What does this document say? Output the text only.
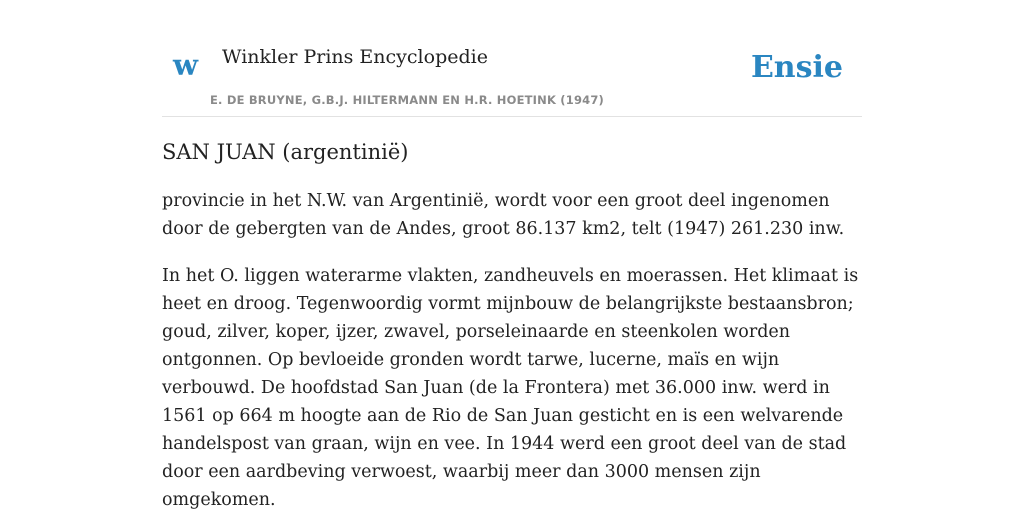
w Winkler Prins Encyclopedie
E. DE BRUYNE, G.B.J. HILTERMANN EN H.R. HOETINK (1947)
Ensie
SAN JUAN (argentinië)

provincie in het N.W. van Argentinië, wordt voor een groot deel ingenomen door de gebergten van de Andes, groot 86.137 km2, telt (1947) 261.230 inw.

In het O. liggen waterarme vlakten, zandheuvels en moerassen. Het klimaat is heet en droog. Tegenwoordig vormt mijnbouw de belangrijkste bestaansbron; goud, zilver, koper, ijzer, zwavel, porseleinaarde en steenkolen worden ontgonnen. Op bevloeide gronden wordt tarwe, lucerne, maïs en wijn verbouwd. De hoofdstad San Juan (de la Frontera) met 36.000 inw. werd in 1561 op 664 m hoogte aan de Rio de San Juan gesticht en is een welvarende handelspost van graan, wijn en vee. In 1944 werd een groot deel van de stad door een aardbeving verwoest, waarbij meer dan 3000 mensen zijn omgekomen.
